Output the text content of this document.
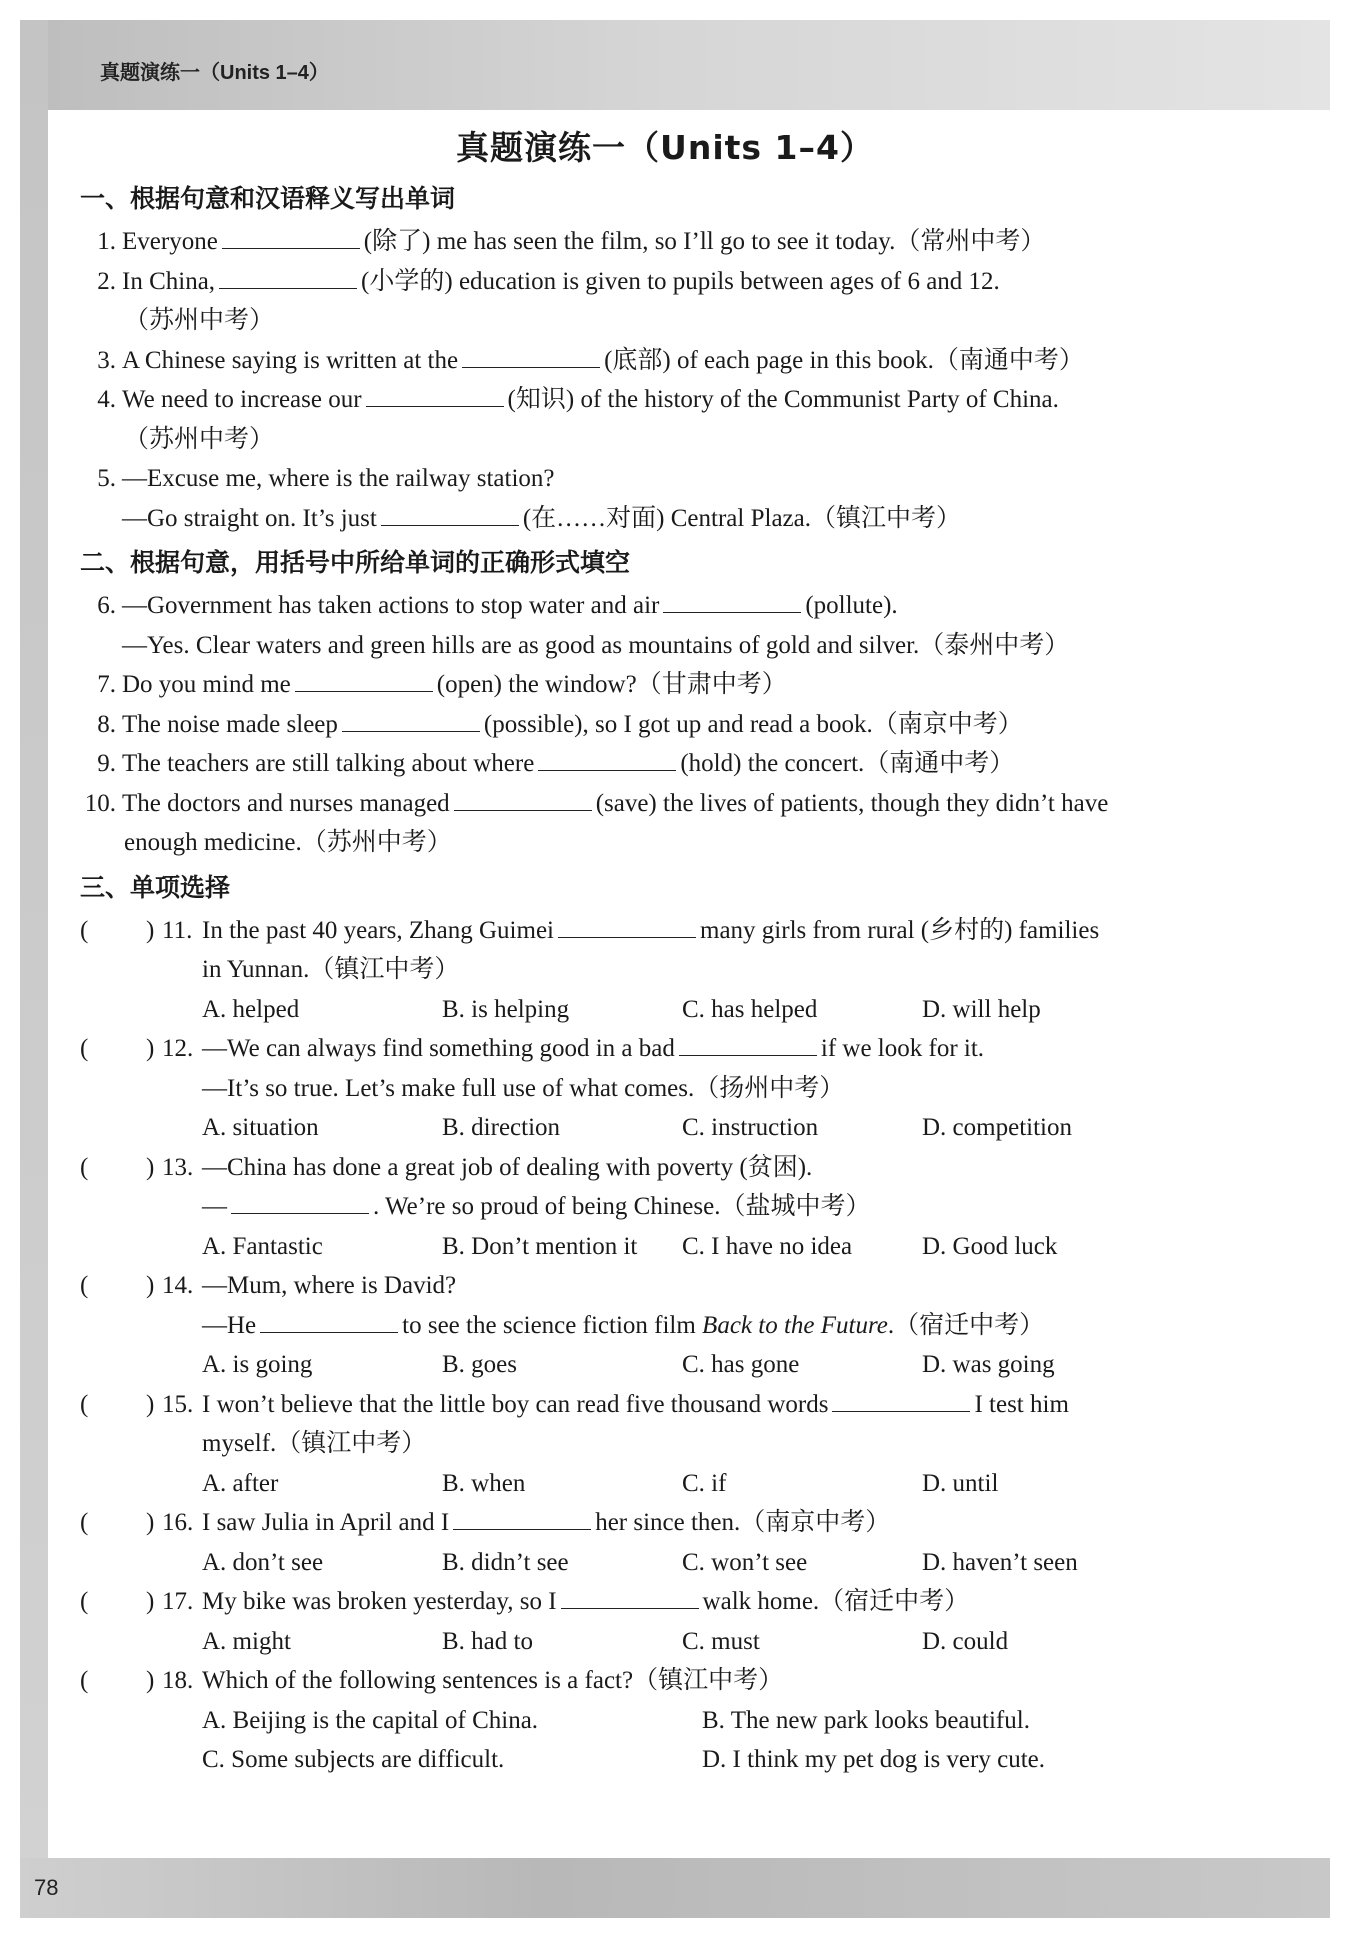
真题演练一（Units 1–4）
78
真题演练一（Units 1–4）
一、根据句意和汉语释义写出单词
1. Everyone	(除了) me has seen the film, so I’ll go to see it today.（常州中考）
2. In China,	(小学的) education is given to pupils between ages of 6 and 12.
（苏州中考）
3. A Chinese saying is written at the	(底部) of each page in this book.（南通中考）
4. We need to increase our	(知识) of the history of the Communist Party of China.
（苏州中考）
5. —Excuse me, where is the railway station?
—Go straight on. It’s just	(在……对面) Central Plaza.（镇江中考）
二、根据句意，用括号中所给单词的正确形式填空
6. —Government has taken actions to stop water and air	(pollute).
—Yes. Clear waters and green hills are as good as mountains of gold and silver.（泰州中考）
7. Do you mind me	(open) the window?（甘肃中考）
8. The noise made sleep	(possible), so I got up and read a book.（南京中考）
9. The teachers are still talking about where	(hold) the concert.（南通中考）
10. The doctors and nurses managed	(save) the lives of patients, though they didn’t have
enough medicine.（苏州中考）
三、单项选择
( ) 11. In the past 40 years, Zhang Guimei	many girls from rural (乡村的) families
in Yunnan.（镇江中考）
A. helped	B. is helping	C. has helped	D. will help
( ) 12. —We can always find something good in a bad	if we look for it.
—It’s so true. Let’s make full use of what comes.（扬州中考）
A. situation	B. direction	C. instruction	D. competition
( ) 13. —China has done a great job of dealing with poverty (贫困).
—	. We’re so proud of being Chinese.（盐城中考）
A. Fantastic	B. Don’t mention it	C. I have no idea	D. Good luck
( ) 14. —Mum, where is David?
—He	to see the science fiction film Back to the Future.（宿迁中考）
A. is going	B. goes	C. has gone	D. was going
( ) 15. I won’t believe that the little boy can read five thousand words	I test him
myself.（镇江中考）
A. after	B. when	C. if	D. until
( ) 16. I saw Julia in April and I	her since then.（南京中考）
A. don’t see	B. didn’t see	C. won’t see	D. haven’t seen
( ) 17. My bike was broken yesterday, so I	walk home.（宿迁中考）
A. might	B. had to	C. must	D. could
( ) 18. Which of the following sentences is a fact?（镇江中考）
A. Beijing is the capital of China.	B. The new park looks beautiful.
C. Some subjects are difficult.	D. I think my pet dog is very cute.
